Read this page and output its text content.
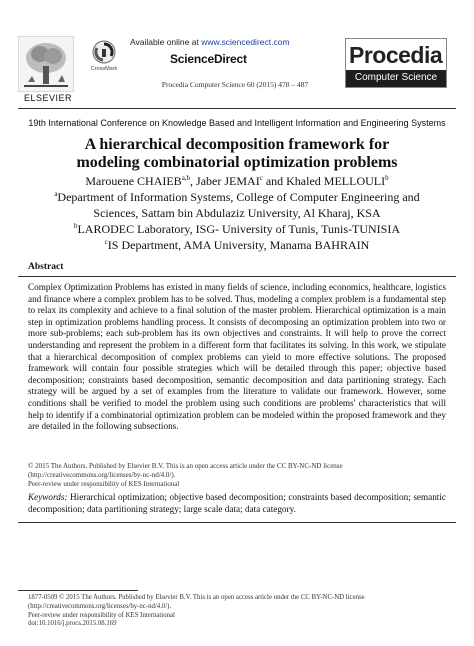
ELSEVIER
CrossMark
Available online at www.sciencedirect.com
ScienceDirect
Procedia Computer Science 60 (2015) 478 – 487
Procedia
Computer Science
19th International Conference on Knowledge Based and Intelligent Information and Engineering Systems
A hierarchical decomposition framework for
modeling combinatorial optimization problems
Marouene CHAIEB$^{a,b}$, Jaber JEMAI$^c$ and Khaled MELLOULI$^b$
$^a$Department of Information Systems, College of Computer Engineering and
Sciences, Sattam bin Abdulaziz University, Al Kharaj, KSA
$^b$LARODEC Laboratory, ISG- University of Tunis, Tunis-TUNISIA
$^c$IS Department, AMA University, Manama BAHRAIN
Abstract
Complex Optimization Problems has existed in many fields of science, including economics, healthcare, logistics and finance where a complex problem has to be solved. Thus, modeling a complex problem is a fundamental step to relax its complexity and achieve to a final solution of the master problem. Hierarchical optimization is a main step in optimization problems handling process. It consists of decomposing an optimization problem into two or more sub-problems; each sub-problem has its own objectives and constraints. It will help to prove the correct understanding and represent the problem in a different form that facilitates its solving. In this work, we stipulate that a hierarchical decomposition of complex problems can yield to more effective solutions. The proposed framework will contain four possible strategies which will be detailed through this paper; objective based decomposition; constraints based decomposition, semantic decomposition and data partitioning strategy. Each strategy will be argued by a set of examples from the literature to validate our framework. However, some conditions shall be verified to model the problem using such conditions are problems' characteristics that will help to identify if a combinatorial optimization problem can be modeled within the proposed framework and they are detailed in the following subsections.
© 2015 The Authors. Published by Elsevier B.V. This is an open access article under the CC BY-NC-ND license
(http://creativecommons.org/licenses/by-nc-nd/4.0/).
Peer-review under responsibility of KES International
Keywords: Hierarchical optimization; objective based decomposition; constraints based decomposition; semantic decomposition; data partitioning strategy; large scale data; data category.
1877-0509 © 2015 The Authors. Published by Elsevier B.V. This is an open access article under the CC BY-NC-ND license
(http://creativecommons.org/licenses/by-nc-nd/4.0/).
Peer-review under responsibility of KES International
doi:10.1016/j.procs.2015.08.169
